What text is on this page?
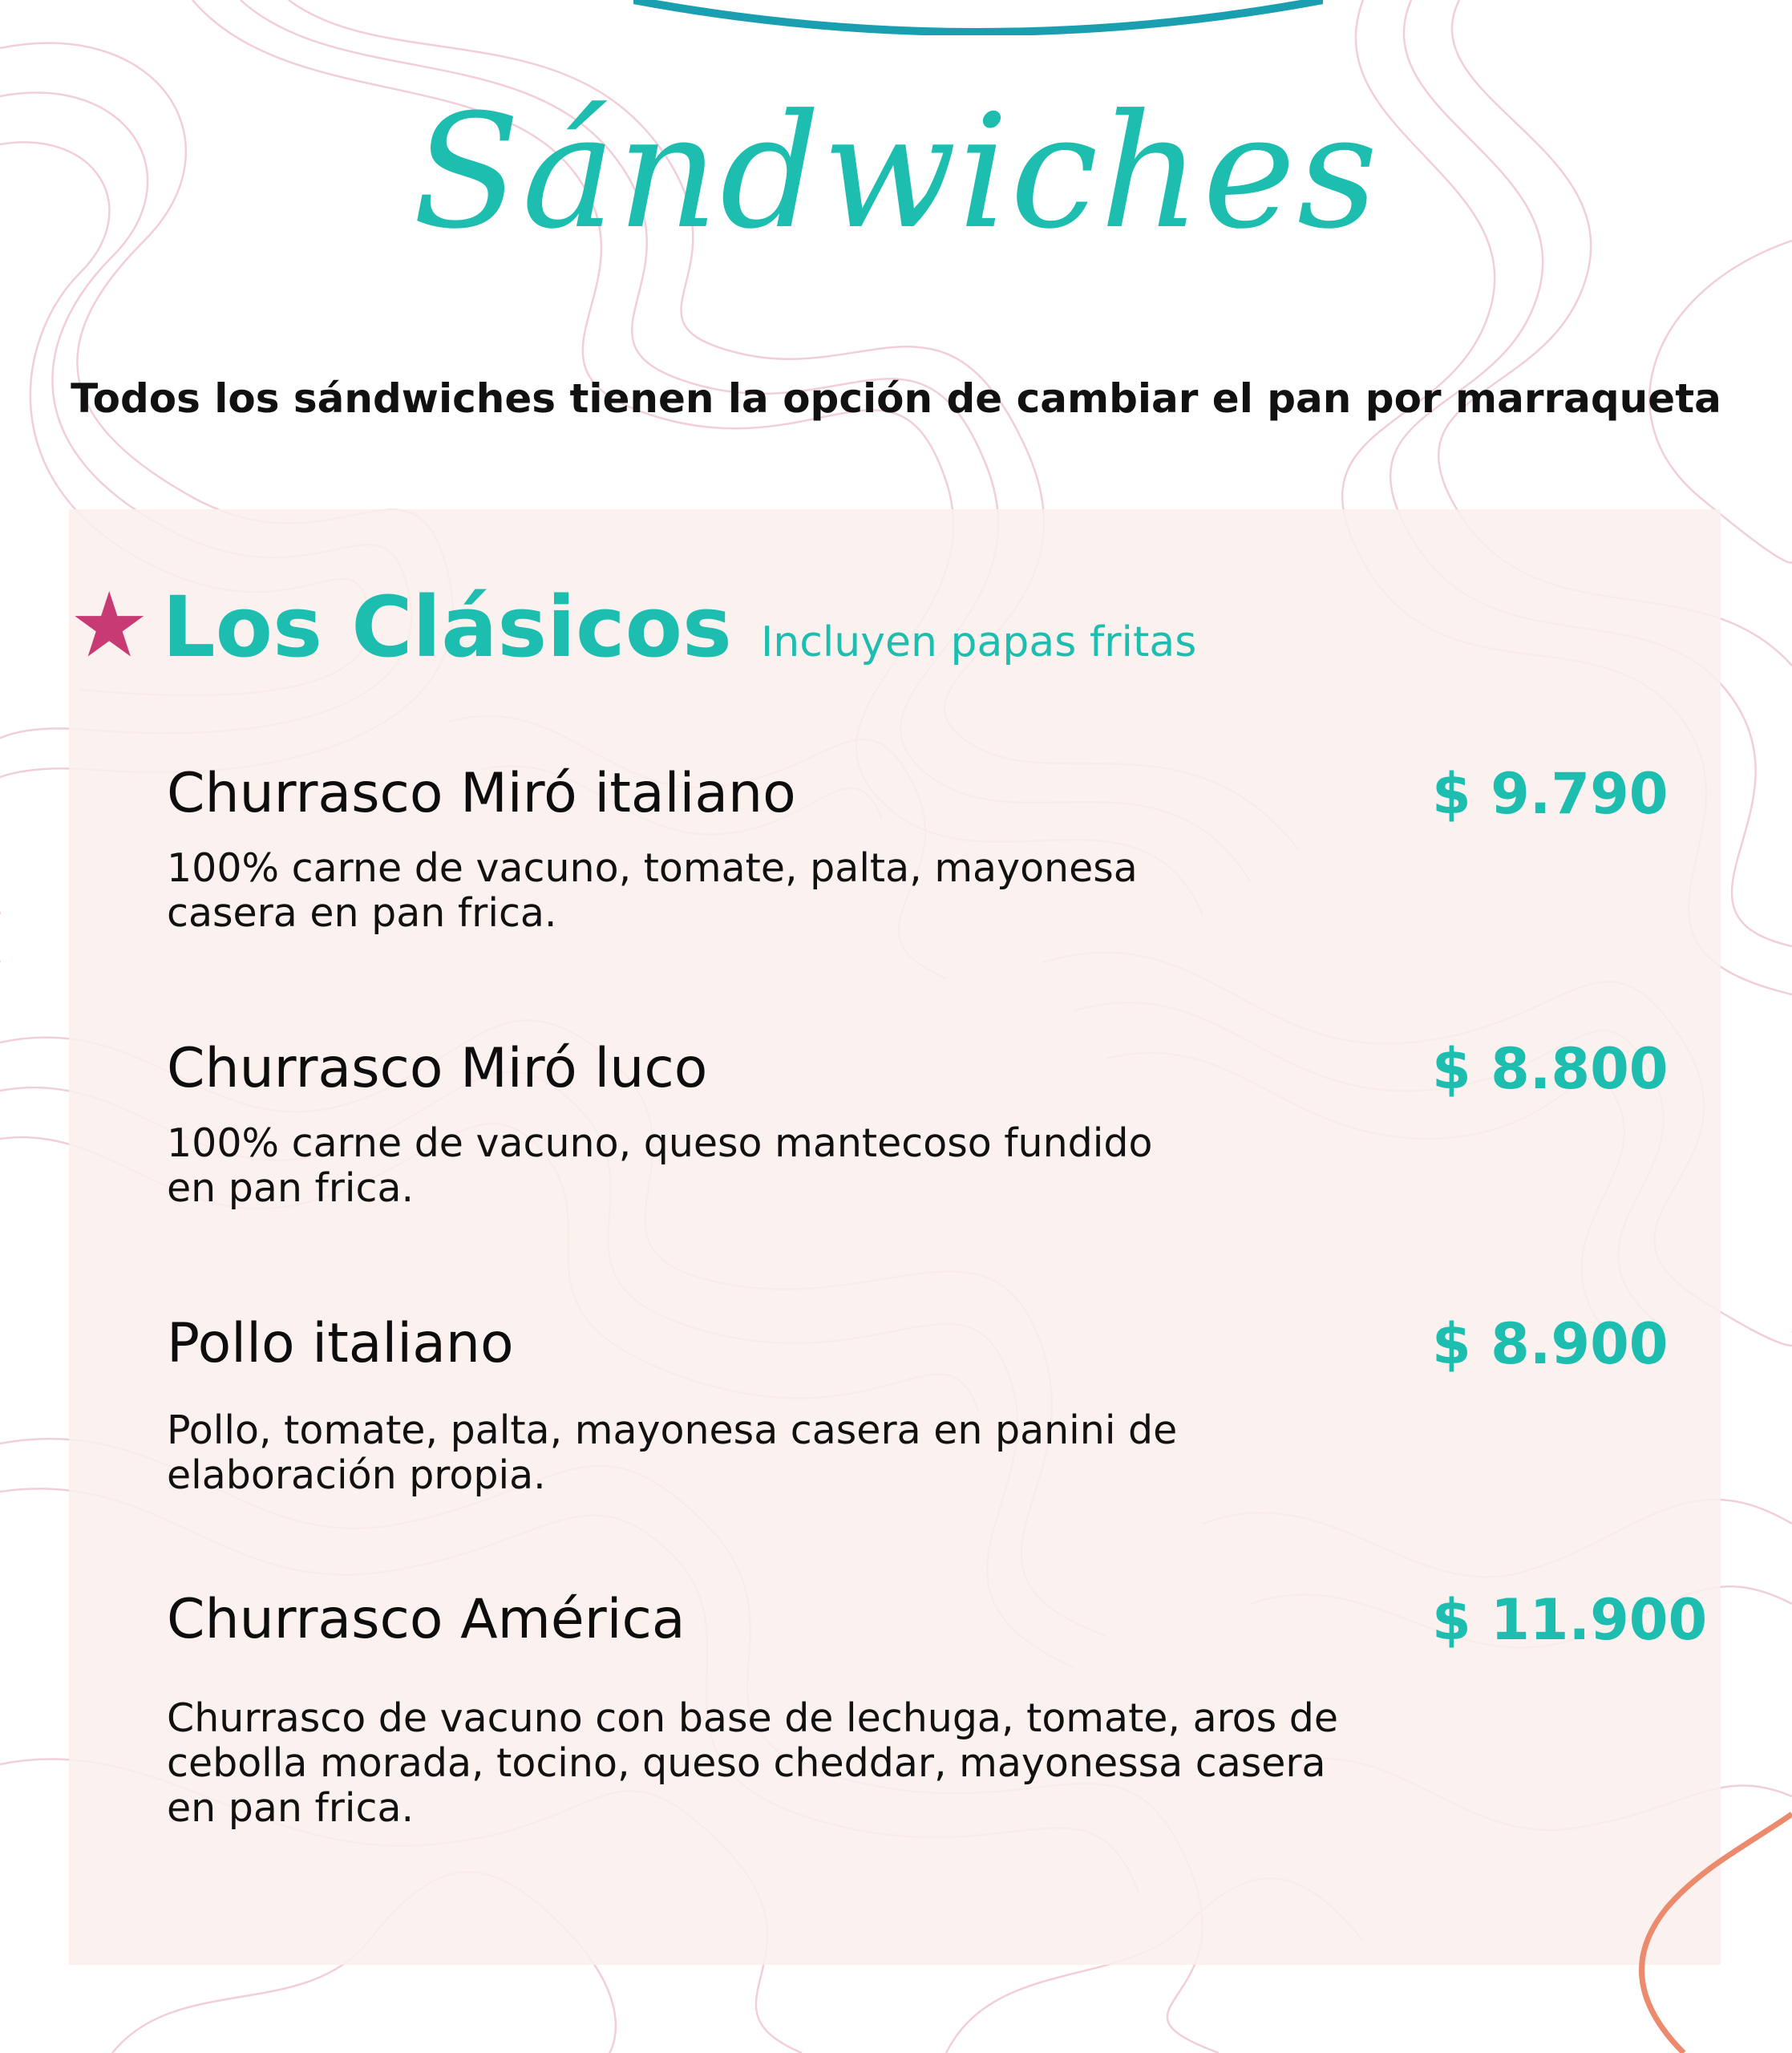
Sándwiches
Todos los sándwiches tienen la opción de cambiar el pan por marraqueta
★ Los Clásicos Incluyen papas fritas
Churrasco Miró italiano	$ 9.790
100% carne de vacuno, tomate, palta, mayonesa
casera en pan frica.
Churrasco Miró luco	$ 8.800
100% carne de vacuno, queso mantecoso fundido
en pan frica.
Pollo italiano	$ 8.900
Pollo, tomate, palta, mayonesa casera en panini de
elaboración propia.
Churrasco América	$ 11.900
Churrasco de vacuno con base de lechuga, tomate, aros de
cebolla morada, tocino, queso cheddar, mayonessa casera
en pan frica.
